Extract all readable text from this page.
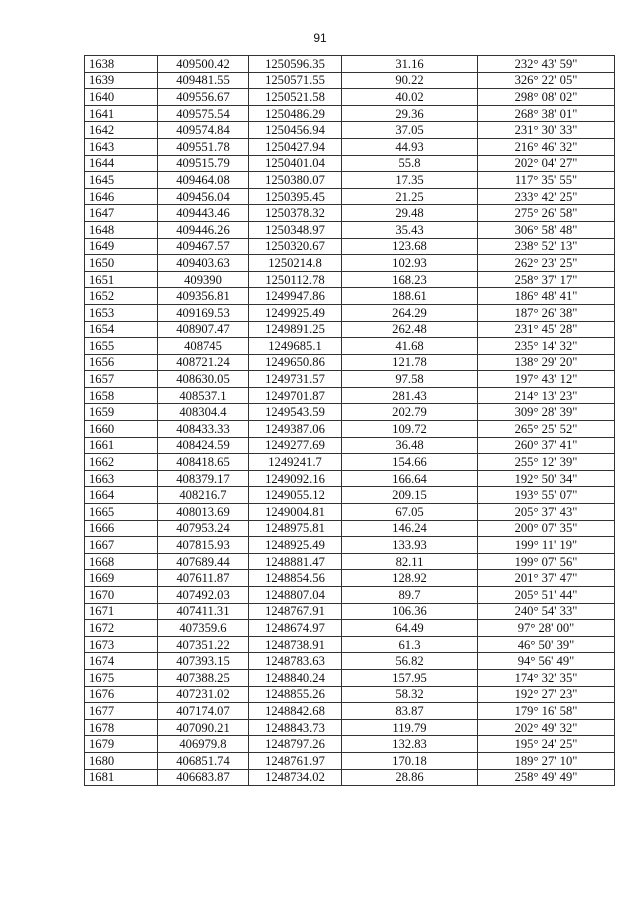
91
1638	409500.42	1250596.35	31.16	232° 43' 59"
1639	409481.55	1250571.55	90.22	326° 22' 05"
1640	409556.67	1250521.58	40.02	298° 08' 02"
1641	409575.54	1250486.29	29.36	268° 38' 01"
1642	409574.84	1250456.94	37.05	231° 30' 33"
1643	409551.78	1250427.94	44.93	216° 46' 32"
1644	409515.79	1250401.04	55.8	202° 04' 27"
1645	409464.08	1250380.07	17.35	117° 35' 55"
1646	409456.04	1250395.45	21.25	233° 42' 25"
1647	409443.46	1250378.32	29.48	275° 26' 58"
1648	409446.26	1250348.97	35.43	306° 58' 48"
1649	409467.57	1250320.67	123.68	238° 52' 13"
1650	409403.63	1250214.8	102.93	262° 23' 25"
1651	409390	1250112.78	168.23	258° 37' 17"
1652	409356.81	1249947.86	188.61	186° 48' 41"
1653	409169.53	1249925.49	264.29	187° 26' 38"
1654	408907.47	1249891.25	262.48	231° 45' 28"
1655	408745	1249685.1	41.68	235° 14' 32"
1656	408721.24	1249650.86	121.78	138° 29' 20"
1657	408630.05	1249731.57	97.58	197° 43' 12"
1658	408537.1	1249701.87	281.43	214° 13' 23"
1659	408304.4	1249543.59	202.79	309° 28' 39"
1660	408433.33	1249387.06	109.72	265° 25' 52"
1661	408424.59	1249277.69	36.48	260° 37' 41"
1662	408418.65	1249241.7	154.66	255° 12' 39"
1663	408379.17	1249092.16	166.64	192° 50' 34"
1664	408216.7	1249055.12	209.15	193° 55' 07"
1665	408013.69	1249004.81	67.05	205° 37' 43"
1666	407953.24	1248975.81	146.24	200° 07' 35"
1667	407815.93	1248925.49	133.93	199° 11' 19"
1668	407689.44	1248881.47	82.11	199° 07' 56"
1669	407611.87	1248854.56	128.92	201° 37' 47"
1670	407492.03	1248807.04	89.7	205° 51' 44"
1671	407411.31	1248767.91	106.36	240° 54' 33"
1672	407359.6	1248674.97	64.49	97° 28' 00"
1673	407351.22	1248738.91	61.3	46° 50' 39"
1674	407393.15	1248783.63	56.82	94° 56' 49"
1675	407388.25	1248840.24	157.95	174° 32' 35"
1676	407231.02	1248855.26	58.32	192° 27' 23"
1677	407174.07	1248842.68	83.87	179° 16' 58"
1678	407090.21	1248843.73	119.79	202° 49' 32"
1679	406979.8	1248797.26	132.83	195° 24' 25"
1680	406851.74	1248761.97	170.18	189° 27' 10"
1681	406683.87	1248734.02	28.86	258° 49' 49"
